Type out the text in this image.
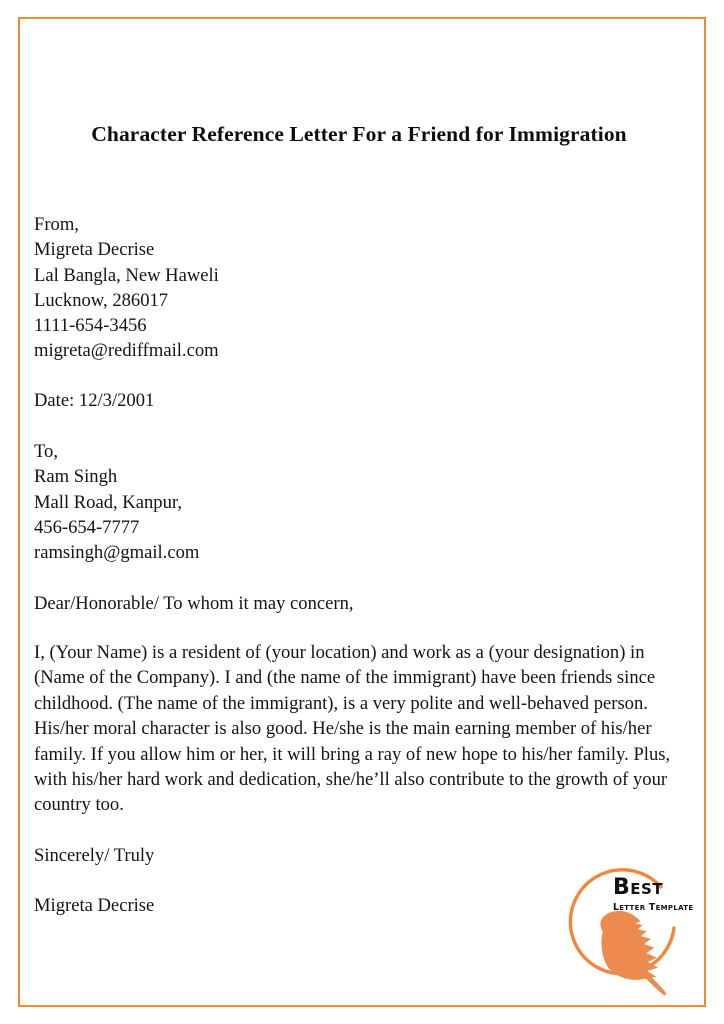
Character Reference Letter For a Friend for Immigration
From,
Migreta Decrise
Lal Bangla, New Haweli
Lucknow, 286017
1111-654-3456
migreta@rediffmail.com
Date: 12/3/2001
To,
Ram Singh
Mall Road, Kanpur,
456-654-7777
ramsingh@gmail.com
Dear/Honorable/ To whom it may concern,
I, (Your Name) is a resident of (your location) and work as a (your designation) in (Name of the Company). I and (the name of the immigrant) have been friends since childhood. (The name of the immigrant), is a very polite and well-behaved person. His/her moral character is also good. He/she is the main earning member of his/her family. If you allow him or her, it will bring a ray of new hope to his/her family. Plus, with his/her hard work and dedication, she/he’ll also contribute to the growth of your country too.
Sincerely/ Truly
Migreta Decrise
Best
Letter Template
